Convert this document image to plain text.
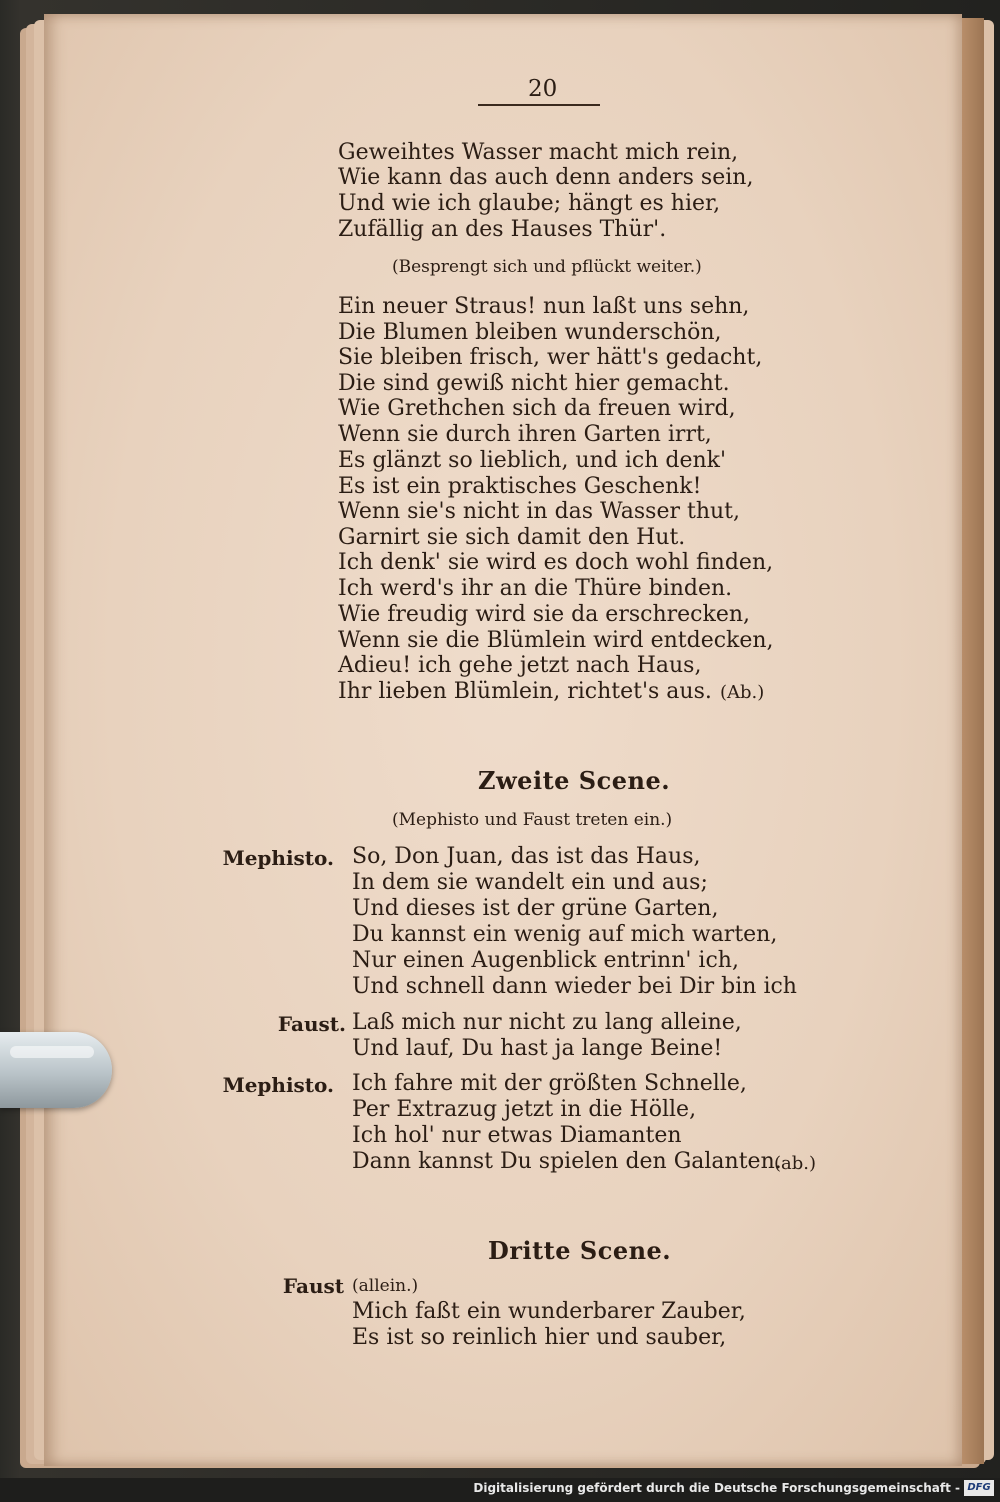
20
Geweihtes Wasser macht mich rein,
Wie kann das auch denn anders sein,
Und wie ich glaube; hängt es hier,
Zufällig an des Hauses Thür'.
(Besprengt sich und pflückt weiter.)
Ein neuer Straus! nun laßt uns sehn,
Die Blumen bleiben wunderschön,
Sie bleiben frisch, wer hätt's gedacht,
Die sind gewiß nicht hier gemacht.
Wie Grethchen sich da freuen wird,
Wenn sie durch ihren Garten irrt,
Es glänzt so lieblich, und ich denk'
Es ist ein praktisches Geschenk!
Wenn sie's nicht in das Wasser thut,
Garnirt sie sich damit den Hut.
Ich denk' sie wird es doch wohl finden,
Ich werd's ihr an die Thüre binden.
Wie freudig wird sie da erschrecken,
Wenn sie die Blümlein wird entdecken,
Adieu! ich gehe jetzt nach Haus,
Ihr lieben Blümlein, richtet's aus. (Ab.)
Zweite Scene.
(Mephisto und Faust treten ein.)
Mephisto. So, Don Juan, das ist das Haus,
In dem sie wandelt ein und aus;
Und dieses ist der grüne Garten,
Du kannst ein wenig auf mich warten,
Nur einen Augenblick entrinn' ich,
Und schnell dann wieder bei Dir bin ich
Faust. Laß mich nur nicht zu lang alleine,
Und lauf, Du hast ja lange Beine!
Mephisto. Ich fahre mit der größten Schnelle,
Per Extrazug jetzt in die Hölle,
Ich hol' nur etwas Diamanten
Dann kannst Du spielen den Galanten.
(ab.)
Dritte Scene.
Faust (allein.)
Mich faßt ein wunderbarer Zauber,
Es ist so reinlich hier und sauber,
Digitalisierung gefördert durch die Deutsche Forschungsgemeinschaft - DFG
